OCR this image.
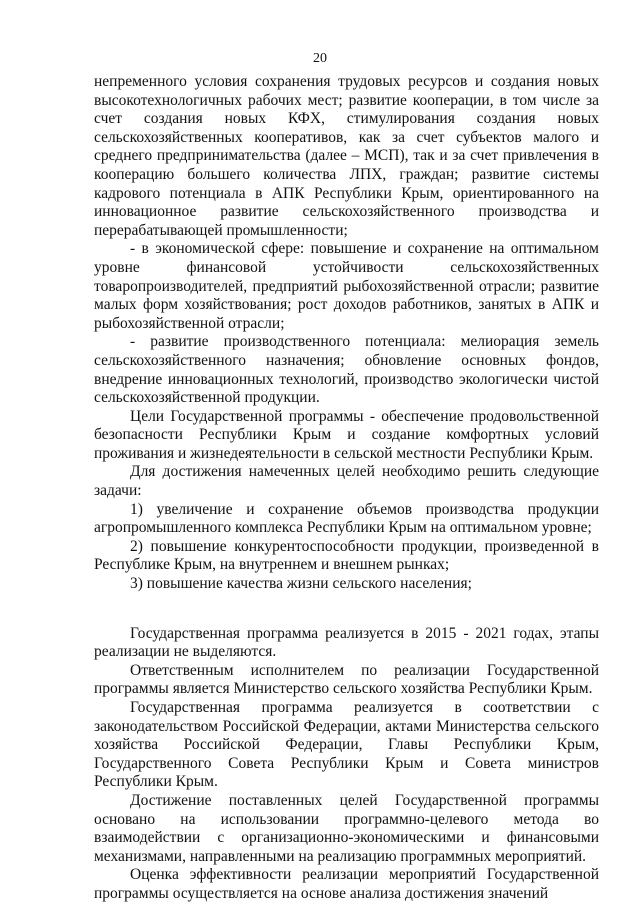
20

непременного условия сохранения трудовых ресурсов и создания новых высокотехнологичных рабочих мест; развитие кооперации, в том числе за счет создания новых КФХ, стимулирования создания новых сельскохозяйственных кооперативов, как за счет субъектов малого и среднего предпринимательства (далее – МСП), так и за счет привлечения в кооперацию большего количества ЛПХ, граждан; развитие системы кадрового потенциала в АПК Республики Крым, ориентированного на инновационное развитие сельскохозяйственного производства и перерабатывающей промышленности;

- в экономической сфере: повышение и сохранение на оптимальном уровне финансовой устойчивости сельскохозяйственных товаропроизводителей, предприятий рыбохозяйственной отрасли; развитие малых форм хозяйствования; рост доходов работников, занятых в АПК и рыбохозяйственной отрасли;

- развитие производственного потенциала: мелиорация земель сельскохозяйственного назначения; обновление основных фондов, внедрение инновационных технологий, производство экологически чистой сельскохозяйственной продукции.

Цели Государственной программы - обеспечение продовольственной безопасности Республики Крым и создание комфортных условий проживания и жизнедеятельности в сельской местности Республики Крым.

Для достижения намеченных целей необходимо решить следующие задачи:

1) увеличение и сохранение объемов производства продукции агропромышленного комплекса Республики Крым на оптимальном уровне;

2) повышение конкурентоспособности продукции, произведенной в Республике Крым, на внутреннем и внешнем рынках;

3) повышение качества жизни сельского населения;

Государственная программа реализуется в 2015 - 2021 годах, этапы реализации не выделяются.

Ответственным исполнителем по реализации Государственной программы является Министерство сельского хозяйства Республики Крым.

Государственная программа реализуется в соответствии с законодательством Российской Федерации, актами Министерства сельского хозяйства Российской Федерации, Главы Республики Крым, Государственного Совета Республики Крым и Совета министров Республики Крым.

Достижение поставленных целей Государственной программы основано на использовании программно-целевого метода во взаимодействии с организационно-экономическими и финансовыми механизмами, направленными на реализацию программных мероприятий.

Оценка эффективности реализации мероприятий Государственной программы осуществляется на основе анализа достижения значений
